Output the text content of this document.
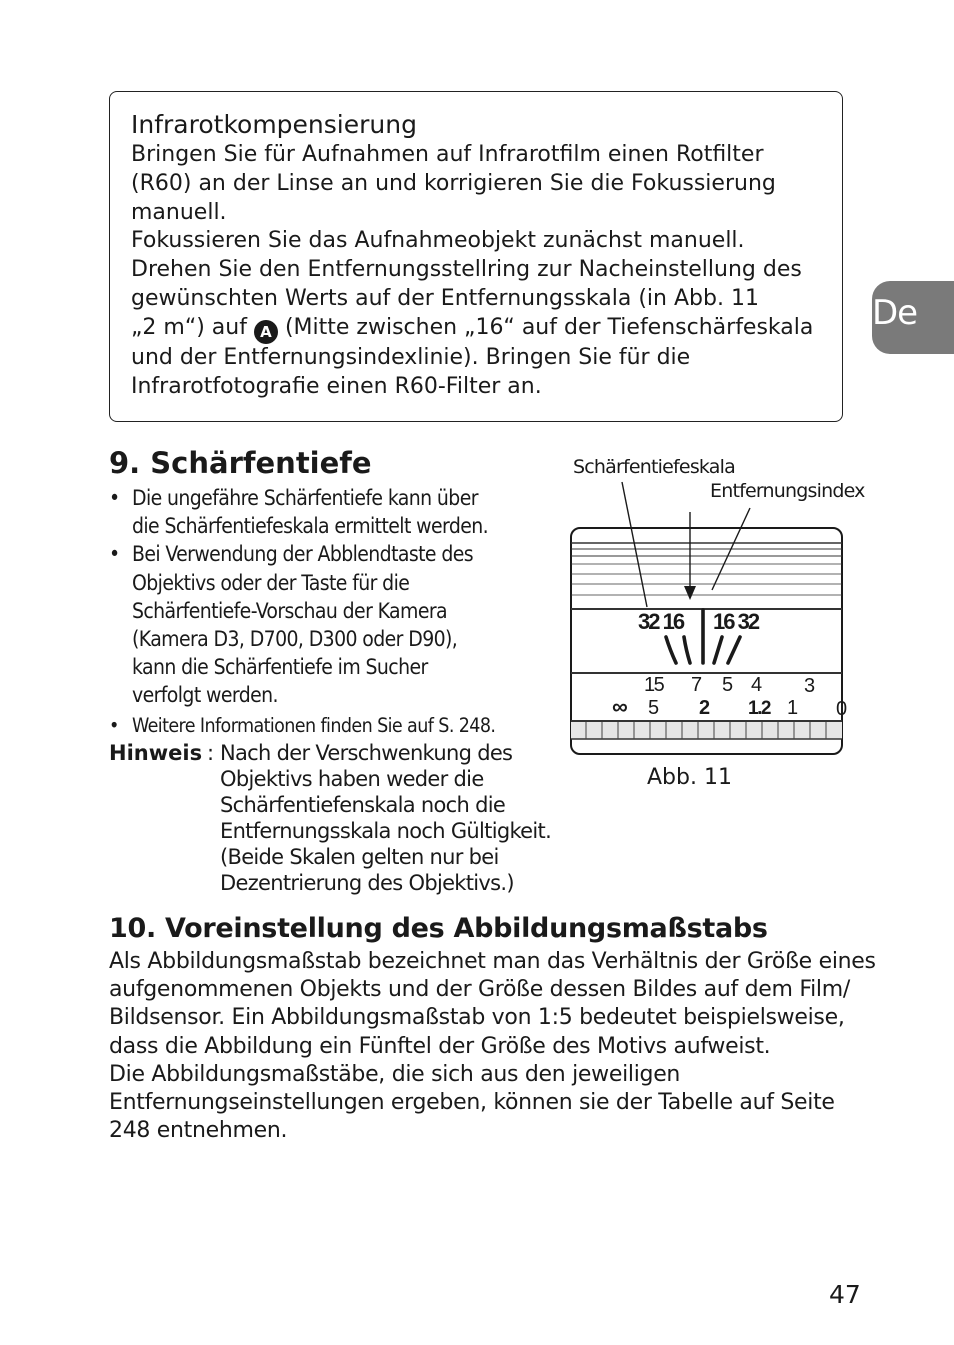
Infrarotkompensierung

Bringen Sie für Aufnahmen auf Infrarotfilm einen Rotfilter

(R60) an der Linse an und korrigieren Sie die Fokussierung

manuell.

Fokussieren Sie das Aufnahmeobjekt zunächst manuell.

Drehen Sie den Entfernungsstellring zur Nacheinstellung des

gewünschten Werts auf der Entfernungsskala (in Abb. 11

„2 m“) auf A (Mitte zwischen „16“ auf der Tiefenschärfeskala

und der Entfernungsindexlinie). Bringen Sie für die

Infrarotfotografie einen R60-Filter an.

De
9. Schärfentiefe
• Die ungefähre Schärfentiefe kann über

die Schärfentiefeskala ermittelt werden.

• Bei Verwendung der Abblendtaste des

Objektivs oder der Taste für die

Schärfentiefe-Vorschau der Kamera

(Kamera D3, D700, D300 oder D90),

kann die Schärfentiefe im Sucher

verfolgt werden.

• Weitere Informationen finden Sie auf S. 248.

Hinweis : Nach der Verschwenkung des

Objektivs haben weder die

Schärfentiefenskala noch die

Entfernungsskala noch Gültigkeit.

(Beide Skalen gelten nur bei

Dezentrierung des Objektivs.)

Schärfentiefeskala
Entfernungsindex
32 16 16 32
15 7 5 4 3
∞ 5 2 1.2 1 0
Abb. 11
10. Voreinstellung des Abbildungsmaßstabs

Als Abbildungsmaßstab bezeichnet man das Verhältnis der Größe eines

aufgenommenen Objekts und der Größe dessen Bildes auf dem Film/

Bildsensor. Ein Abbildungsmaßstab von 1:5 bedeutet beispielsweise,

dass die Abbildung ein Fünftel der Größe des Motivs aufweist.

Die Abbildungsmaßstäbe, die sich aus den jeweiligen

Entfernungseinstellungen ergeben, können sie der Tabelle auf Seite

248 entnehmen.

47
